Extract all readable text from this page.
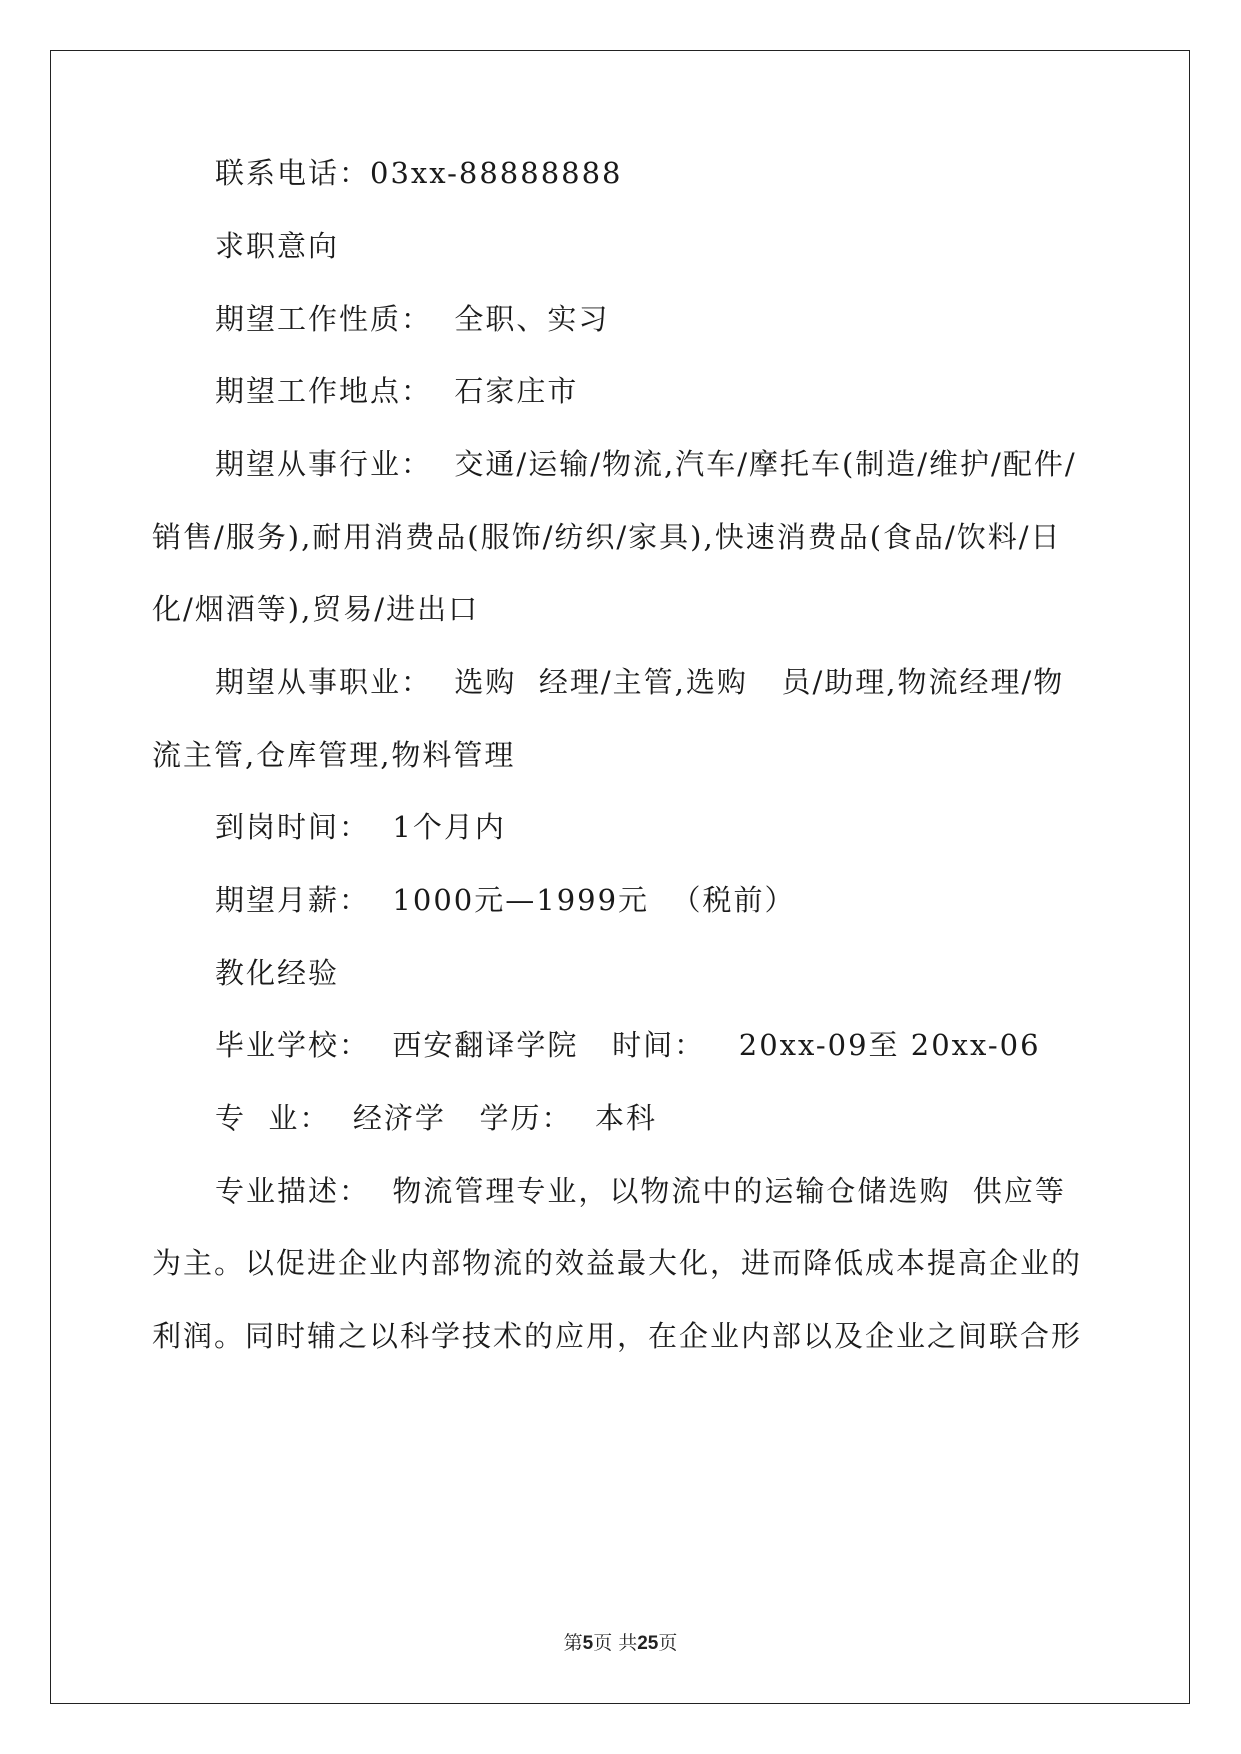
联系电话：03xx-88888888
求职意向
期望工作性质：  全职、实习
期望工作地点：  石家庄市
期望从事行业：  交通/运输/物流,汽车/摩托车(制造/维护/配件/
销售/服务),耐用消费品(服饰/纺织/家具),快速消费品(食品/饮料/日
化/烟酒等),贸易/进出口
期望从事职业：  选购  经理/主管,选购   员/助理,物流经理/物
流主管,仓库管理,物料管理
到岗时间：  1个月内
期望月薪：  1000元—1999元  （税前）
教化经验
毕业学校：  西安翻译学院   时间：   20xx-09至 20xx-06
专  业：  经济学   学历：  本科
专业描述：  物流管理专业，以物流中的运输仓储选购  供应等
为主。以促进企业内部物流的效益最大化，进而降低成本提高企业的
利润。同时辅之以科学技术的应用，在企业内部以及企业之间联合形
第5页 共25页
